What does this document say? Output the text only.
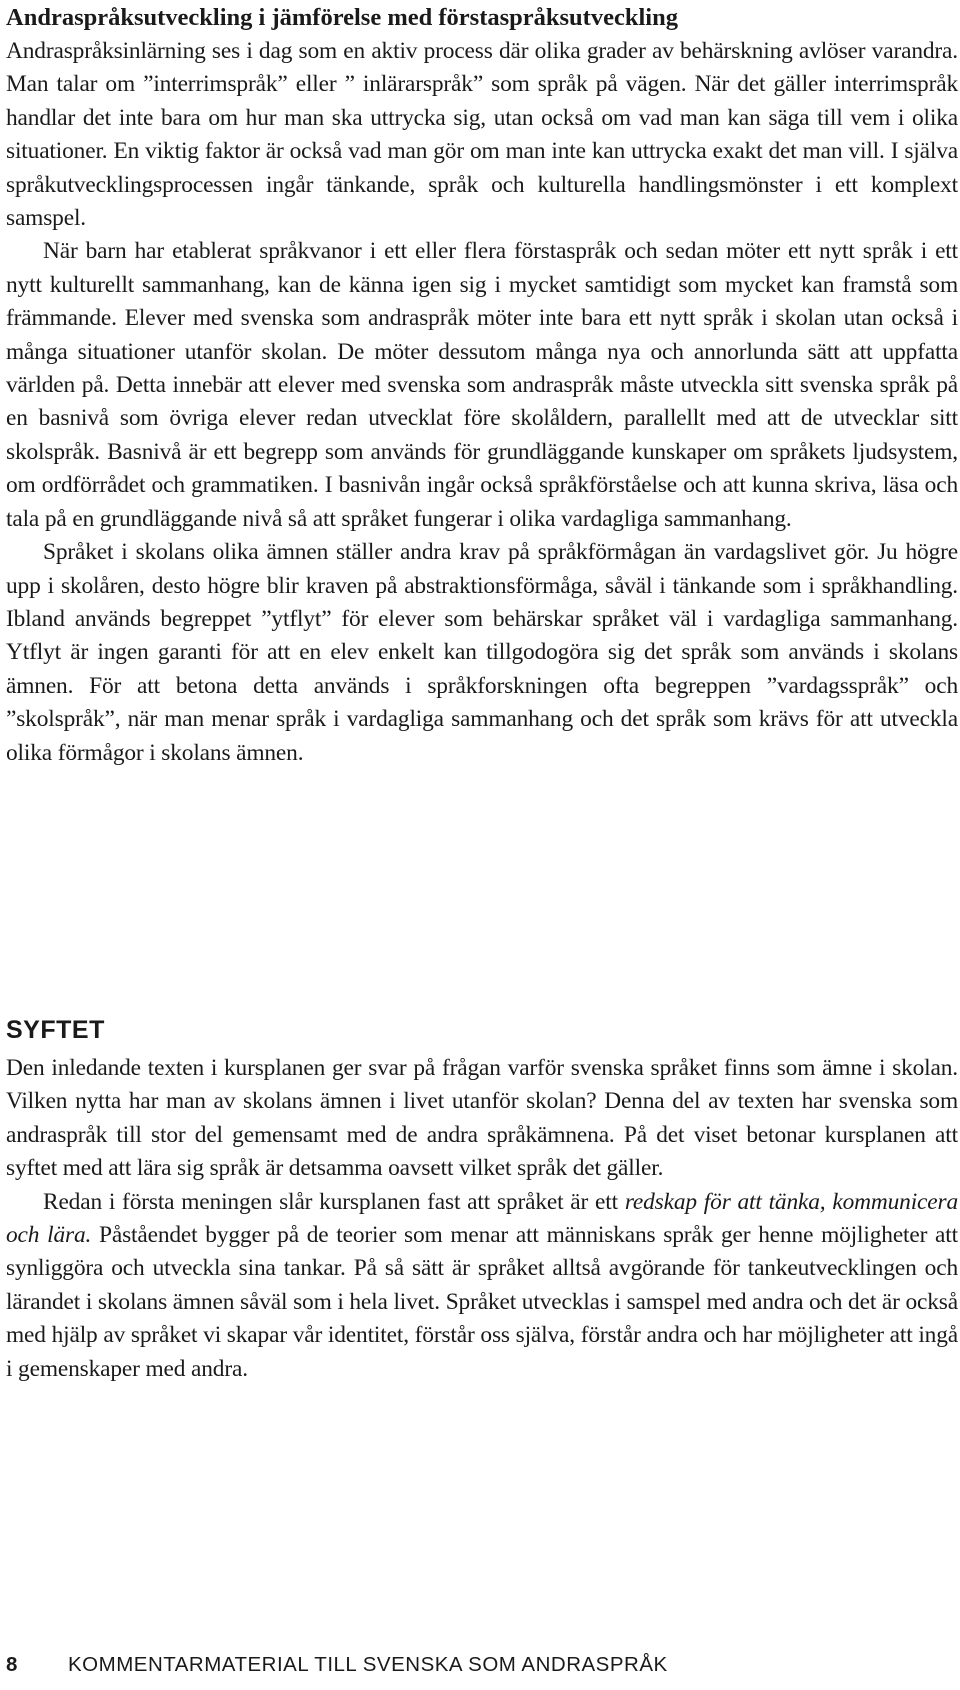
Andraspråksutveckling i jämförelse med förstaspråksutveckling

Andraspråksinlärning ses i dag som en aktiv process där olika grader av behärskning avlöser varandra. Man talar om ”interrimspråk” eller ” inlärarspråk” som språk på vägen. När det gäller interrimspråk handlar det inte bara om hur man ska uttrycka sig, utan också om vad man kan säga till vem i olika situationer. En viktig faktor är också vad man gör om man inte kan uttrycka exakt det man vill. I själva språkutvecklingsprocessen ingår tänkande, språk och kulturella handlingsmönster i ett komplext samspel.

När barn har etablerat språkvanor i ett eller flera förstaspråk och sedan möter ett nytt språk i ett nytt kulturellt sammanhang, kan de känna igen sig i mycket samtidigt som mycket kan framstå som främmande. Elever med svenska som andraspråk möter inte bara ett nytt språk i skolan utan också i många situationer utanför skolan. De möter dessutom många nya och annorlunda sätt att uppfatta världen på. Detta innebär att elever med svenska som andraspråk måste utveckla sitt svenska språk på en basnivå som övriga elever redan utvecklat före skolåldern, parallellt med att de utvecklar sitt skolspråk. Basnivå är ett begrepp som används för grundläggande kunskaper om språkets ljudsystem, om ordförrådet och grammatiken. I basnivån ingår också språkförståelse och att kunna skriva, läsa och tala på en grundläggande nivå så att språket fungerar i olika vardagliga sammanhang.

Språket i skolans olika ämnen ställer andra krav på språkförmågan än vardagslivet gör. Ju högre upp i skolåren, desto högre blir kraven på abstraktionsförmåga, såväl i tänkande som i språkhandling. Ibland används begreppet ”ytflyt” för elever som behärskar språket väl i vardagliga sammanhang. Ytflyt är ingen garanti för att en elev enkelt kan tillgodogöra sig det språk som används i skolans ämnen. För att betona detta används i språkforskningen ofta begreppen ”vardagsspråk” och ”skolspråk”, när man menar språk i vardagliga sammanhang och det språk som krävs för att utveckla olika förmågor i skolans ämnen.

SYFTET

Den inledande texten i kursplanen ger svar på frågan varför svenska språket finns som ämne i skolan. Vilken nytta har man av skolans ämnen i livet utanför skolan? Denna del av texten har svenska som andraspråk till stor del gemensamt med de andra språkämnena. På det viset betonar kursplanen att syftet med att lära sig språk är detsamma oavsett vilket språk det gäller.

Redan i första meningen slår kursplanen fast att språket är ett redskap för att tänka, kommunicera och lära. Påståendet bygger på de teorier som menar att människans språk ger henne möjligheter att synliggöra och utveckla sina tankar. På så sätt är språket alltså avgörande för tankeutvecklingen och lärandet i skolans ämnen såväl som i hela livet. Språket utvecklas i samspel med andra och det är också med hjälp av språket vi skapar vår identitet, förstår oss själva, förstår andra och har möjligheter att ingå i gemenskaper med andra.

8 KOMMENTARMATERIAL TILL SVENSKA SOM ANDRASPRÅK
